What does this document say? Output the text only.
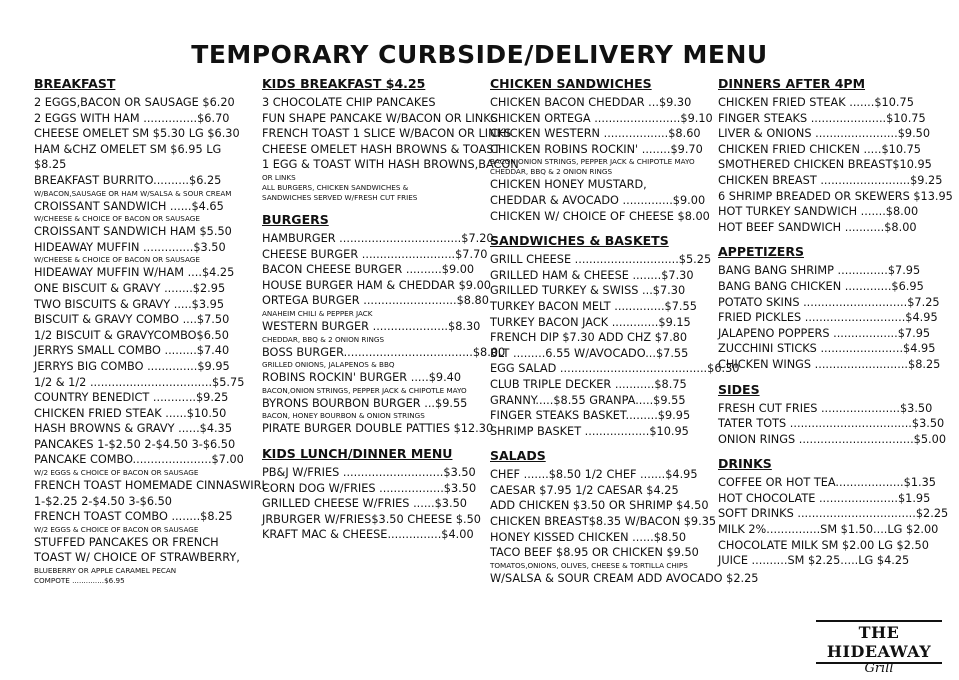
TEMPORARY CURBSIDE/DELIVERY MENU
BREAKFAST
2 EGGS,BACON OR SAUSAGE $6.20
2 EGGS WITH HAM ...............$6.70
CHEESE OMELET SM $5.30 LG $6.30
HAM &CHZ OMELET SM $6.95 LG
$8.25
BREAKFAST BURRITO..........$6.25
W/BACON,SAUSAGE OR HAM W/SALSA & SOUR CREAM
CROISSANT SANDWICH ......$4.65
W/CHEESE & CHOICE OF BACON OR SAUSAGE
CROISSANT SANDWICH HAM $5.50
HIDEAWAY MUFFIN ..............$3.50
W/CHEESE & CHOICE OF BACON OR SAUSAGE
HIDEAWAY MUFFIN W/HAM ....$4.25
ONE BISCUIT & GRAVY ........$2.95
TWO BISCUITS & GRAVY .....$3.95
BISCUIT & GRAVY COMBO ....$7.50
1/2 BISCUIT & GRAVYCOMBO$6.50
JERRYS SMALL COMBO .........$7.40
JERRYS BIG COMBO ..............$9.95
1/2 & 1/2 ..................................$5.75
COUNTRY BENEDICT ............$9.25
CHICKEN FRIED STEAK ......$10.50
HASH BROWNS & GRAVY ......$4.35
PANCAKES 1-$2.50 2-$4.50 3-$6.50
PANCAKE COMBO......................$7.00
W/2 EGGS & CHOICE OF BACON OR SAUSAGE
FRENCH TOAST HOMEMADE CINNASWIRL
1-$2.25 2-$4.50 3-$6.50
FRENCH TOAST COMBO ........$8.25
W/2 EGGS & CHOICE OF BACON OR SAUSAGE
STUFFED PANCAKES OR FRENCH
TOAST W/ CHOICE OF STRAWBERRY,
BLUEBERRY OR APPLE CARAMEL PECAN
COMPOTE ..............$6.95
KIDS BREAKFAST $4.25
3 CHOCOLATE CHIP PANCAKES
FUN SHAPE PANCAKE W/BACON OR LINKS
FRENCH TOAST 1 SLICE W/BACON OR LINKS
CHEESE OMELET HASH BROWNS & TOAST
1 EGG & TOAST WITH HASH BROWNS,BACON
OR LINKS
ALL BURGERS, CHICKEN SANDWICHES &
SANDWICHES SERVED W/FRESH CUT FRIES
BURGERS
HAMBURGER ..................................$7.20
CHEESE BURGER ..........................$7.70
BACON CHEESE BURGER ..........$9.00
HOUSE BURGER HAM & CHEDDAR $9.00
ORTEGA BURGER ..........................$8.80
ANAHEIM CHILI & PEPPER JACK
WESTERN BURGER .....................$8.30
CHEDDAR, BBQ & 2 ONION RINGS
BOSS BURGER....................................$8.00
GRILLED ONIONS, JALAPENOS & BBQ
ROBINS ROCKIN' BURGER .....$9.40
BACON,ONION STRINGS, PEPPER JACK & CHIPOTLE MAYO
BYRONS BOURBON BURGER ...$9.55
BACON, HONEY BOURBON & ONION STRINGS
PIRATE BURGER DOUBLE PATTIES $12.30
KIDS LUNCH/DINNER MENU
PB&J W/FRIES ............................$3.50
CORN DOG W/FRIES ..................$3.50
GRILLED CHEESE W/FRIES ......$3.50
JRBURGER W/FRIES$3.50 CHEESE $.50
KRAFT MAC & CHEESE...............$4.00
CHICKEN SANDWICHES
CHICKEN BACON CHEDDAR ...$9.30
CHICKEN ORTEGA ........................$9.10
CHICKEN WESTERN ..................$8.60
CHICKEN ROBINS ROCKIN' ........$9.70
BACON,ONION STRINGS, PEPPER JACK & CHIPOTLE MAYO
CHEDDAR, BBQ & 2 ONION RINGS
CHICKEN HONEY MUSTARD,
CHEDDAR & AVOCADO ..............$9.00
CHICKEN W/ CHOICE OF CHEESE $8.00
SANDWICHES & BASKETS
GRILL CHEESE .............................$5.25
GRILLED HAM & CHEESE ........$7.30
GRILLED TURKEY & SWISS ...$7.30
TURKEY BACON MELT ..............$7.55
TURKEY BACON JACK .............$9.15
FRENCH DIP $7.30 ADD CHZ $7.80
BLT .........6.55 W/AVOCADO...$7.55
EGG SALAD .........................................$6.30
CLUB TRIPLE DECKER ...........$8.75
GRANNY.....$8.55 GRANPA.....$9.55
FINGER STEAKS BASKET.........$9.95
SHRIMP BASKET ..................$10.95
SALADS
CHEF .......$8.50 1/2 CHEF .......$4.95
CAESAR $7.95 1/2 CAESAR $4.25
ADD CHICKEN $3.50 OR SHRIMP $4.50
CHICKEN BREAST$8.35 W/BACON $9.35
HONEY KISSED CHICKEN ......$8.50
TACO BEEF $8.95 OR CHICKEN $9.50
TOMATOS,ONIONS, OLIVES, CHEESE & TORTILLA CHIPS
W/SALSA & SOUR CREAM ADD AVOCADO $2.25
DINNERS AFTER 4PM
CHICKEN FRIED STEAK .......$10.75
FINGER STEAKS .....................$10.75
LIVER & ONIONS .......................$9.50
CHICKEN FRIED CHICKEN .....$10.75
SMOTHERED CHICKEN BREAST$10.95
CHICKEN BREAST .........................$9.25
6 SHRIMP BREADED OR SKEWERS $13.95
HOT TURKEY SANDWICH .......$8.00
HOT BEEF SANDWICH ...........$8.00
APPETIZERS
BANG BANG SHRIMP ..............$7.95
BANG BANG CHICKEN .............$6.95
POTATO SKINS .............................$7.25
FRIED PICKLES ............................$4.95
JALAPENO POPPERS ..................$7.95
ZUCCHINI STICKS .......................$4.95
CHICKEN WINGS ..........................$8.25
SIDES
FRESH CUT FRIES ......................$3.50
TATER TOTS ..................................$3.50
ONION RINGS ................................$5.00
DRINKS
COFFEE OR HOT TEA...................$1.35
HOT CHOCOLATE ......................$1.95
SOFT DRINKS .................................$2.25
MILK 2%...............SM $1.50....LG $2.00
CHOCOLATE MILK SM $2.00 LG $2.50
JUICE ..........SM $2.25.....LG $4.25
THE HIDEAWAY
Grill
